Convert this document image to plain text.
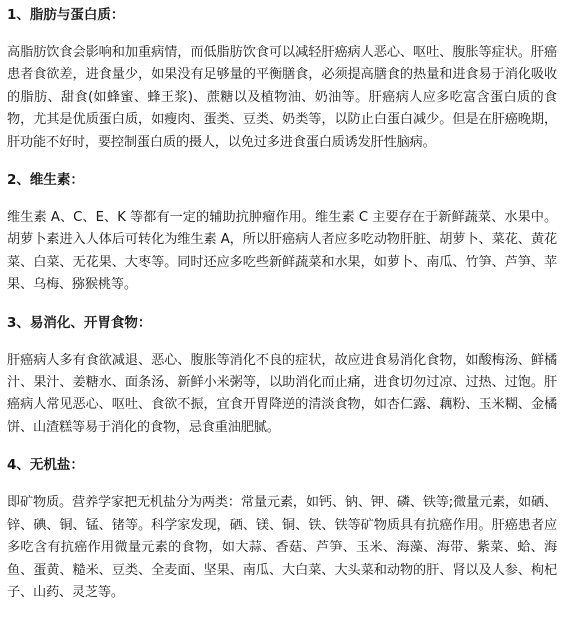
1、脂肪与蛋白质：

高脂肪饮食会影响和加重病情，而低脂肪饮食可以减轻肝癌病人恶心、呕吐、腹胀等症状。肝癌患者食欲差，进食量少，如果没有足够量的平衡膳食，必须提高膳食的热量和进食易于消化吸收的脂肪、甜食(如蜂蜜、蜂王浆)、蔗糖以及植物油、奶油等。肝癌病人应多吃富含蛋白质的食物，尤其是优质蛋白质，如瘦肉、蛋类、豆类、奶类等，以防止白蛋白减少。但是在肝癌晚期，肝功能不好时，要控制蛋白质的摄人，以免过多进食蛋白质诱发肝性脑病。

2、维生素：

维生素 A、C、E、K 等都有一定的辅助抗肿瘤作用。维生素 C 主要存在于新鲜蔬菜、水果中。胡萝卜素进入人体后可转化为维生素 A，所以肝癌病人者应多吃动物肝脏、胡萝卜、菜花、黄花菜、白菜、无花果、大枣等。同时还应多吃些新鲜蔬菜和水果，如萝卜、南瓜、竹笋、芦笋、苹果、乌梅、猕猴桃等。

3、易消化、开胃食物：

肝癌病人多有食欲减退、恶心、腹胀等消化不良的症状，故应进食易消化食物，如酸梅汤、鲜橘汁、果汁、姜糖水、面条汤、新鲜小米粥等，以助消化而止痛，进食切勿过凉、过热、过饱。肝癌病人常见恶心、呕吐、食欲不振，宜食开胃降逆的清淡食物，如杏仁露、藕粉、玉米糊、金橘饼、山渣糕等易于消化的食物，忌食重油肥腻。

4、无机盐：

即矿物质。营养学家把无机盐分为两类：常量元素，如钙、钠、钾、磷、铁等;微量元素，如硒、锌、碘、铜、锰、锗等。科学家发现，硒、镁、铜、铁、铁等矿物质具有抗癌作用。肝癌患者应多吃含有抗癌作用微量元素的食物，如大蒜、香菇、芦笋、玉米、海藻、海带、紫菜、蛤、海鱼、蛋黄、糙米、豆类、全麦面、坚果、南瓜、大白菜、大头菜和动物的肝、肾以及人参、枸杞子、山药、灵芝等。
